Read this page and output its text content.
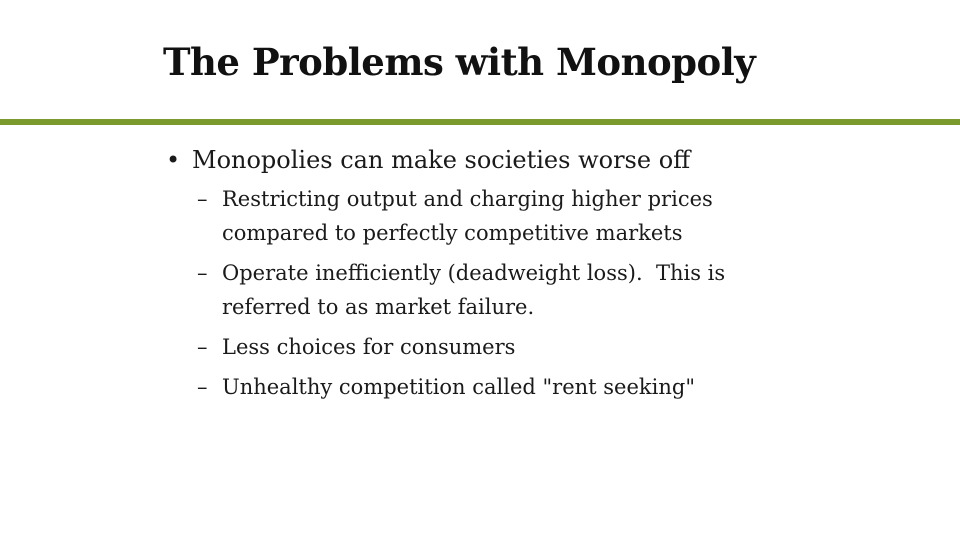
The Problems with Monopoly
• Monopolies can make societies worse off
– Restricting output and charging higher prices compared to perfectly competitive markets
– Operate inefficiently (deadweight loss).  This is referred to as market failure.
– Less choices for consumers
– Unhealthy competition called "rent seeking"
